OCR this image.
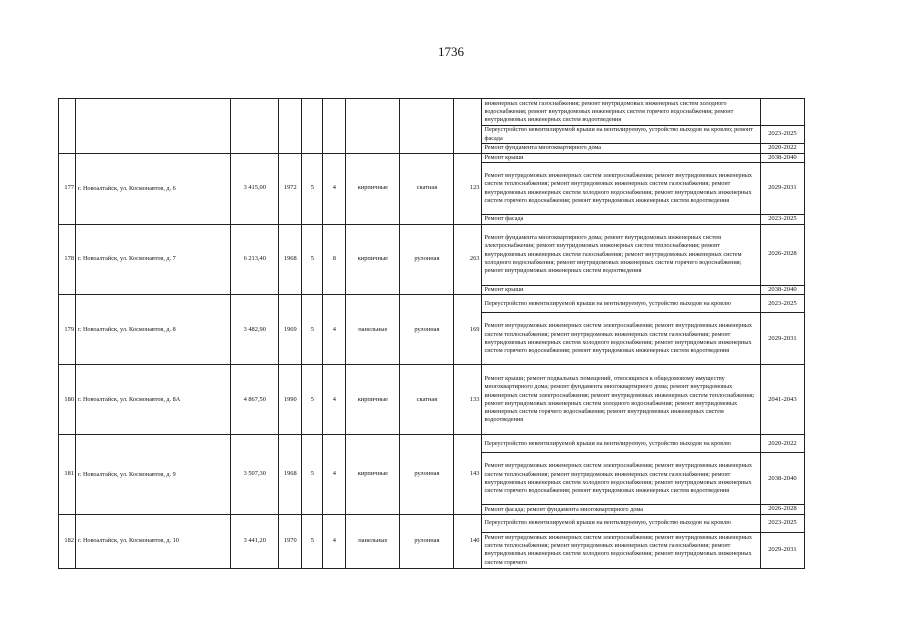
1736
									инженерных систем газоснабжения; ремонт внутридомовых инженерных систем холодного водоснабжения; ремонт внутридомовых инженерных систем горячего водоснабжения; ремонт внутридомовых инженерных систем водоотведения	
									Переустройство невентилируемой крыши на вентилируемую, устройство выходов на кровлю; ремонт фасада	2023-2025
									Ремонт фундамента многоквартирного дома	2020-2022
177	г. Новоалтайск, ул. Космонавтов, д. 6	3 415,00	1972	5	4	кирпичные	скатная	123	Ремонт крыши	2038-2040
									Ремонт внутридомовых инженерных систем электроснабжения; ремонт внутридомовых инженерных систем теплоснабжения; ремонт внутридомовых инженерных систем газоснабжения; ремонт внутридомовых инженерных систем холодного водоснабжения; ремонт внутридомовых инженерных систем горячего водоснабжения; ремонт внутридомовых инженерных систем водоотведения	2029-2031
									Ремонт фасада	2023-2025
178	г. Новоалтайск, ул. Космонавтов, д. 7	6 213,40	1968	5	8	кирпичные	рулонная	263	Ремонт фундамента многоквартирного дома; ремонт внутридомовых инженерных систем электроснабжения; ремонт внутридомовых инженерных систем теплоснабжения; ремонт внутридомовых инженерных систем газоснабжения; ремонт внутридомовых инженерных систем холодного водоснабжения; ремонт внутридомовых инженерных систем горячего водоснабжения; ремонт внутридомовых инженерных систем водоотведения	2026-2028
									Ремонт крыши	2038-2040
179	г. Новоалтайск, ул. Космонавтов, д. 8	3 482,90	1969	5	4	панельные	рулонная	169	Переустройство невентилируемой крыши на вентилируемую, устройство выходов на кровлю	2023-2025
									Ремонт внутридомовых инженерных систем электроснабжения; ремонт внутридомовых инженерных систем теплоснабжения; ремонт внутридомовых инженерных систем газоснабжения; ремонт внутридомовых инженерных систем холодного водоснабжения; ремонт внутридомовых инженерных систем горячего водоснабжения; ремонт внутридомовых инженерных систем водоотведения	2029-2031
180	г. Новоалтайск, ул. Космонавтов, д. 8А	4 867,50	1990	5	4	кирпичные	скатная	133	Ремонт крыши; ремонт подвальных помещений, относящихся к общедомовому имуществу многоквартирного дома; ремонт фундамента многоквартирного дома; ремонт внутридомовых инженерных систем электроснабжения; ремонт внутридомовых инженерных систем теплоснабжения; ремонт внутридомовых инженерных систем холодного водоснабжения; ремонт внутридомовых инженерных систем горячего водоснабжения; ремонт внутридомовых инженерных систем водоотведения	2041-2043
181	г. Новоалтайск, ул. Космонавтов, д. 9	3 507,30	1968	5	4	кирпичные	рулонная	143	Переустройство невентилируемой крыши на вентилируемую, устройство выходов на кровлю	2020-2022
									Ремонт внутридомовых инженерных систем электроснабжения; ремонт внутридомовых инженерных систем теплоснабжения; ремонт внутридомовых инженерных систем газоснабжения; ремонт внутридомовых инженерных систем холодного водоснабжения; ремонт внутридомовых инженерных систем горячего водоснабжения; ремонт внутридомовых инженерных систем водоотведения	2038-2040
									Ремонт фасада; ремонт фундамента многоквартирного дома	2026-2028
182	г. Новоалтайск, ул. Космонавтов, д. 10	3 441,20	1970	5	4	панельные	рулонная	140	Переустройство невентилируемой крыши на вентилируемую, устройство выходов на кровлю	2023-2025
									Ремонт внутридомовых инженерных систем электроснабжения; ремонт внутридомовых инженерных систем теплоснабжения; ремонт внутридомовых инженерных систем газоснабжения; ремонт внутридомовых инженерных систем холодного водоснабжения; ремонт внутридомовых инженерных систем горячего	2029-2031
